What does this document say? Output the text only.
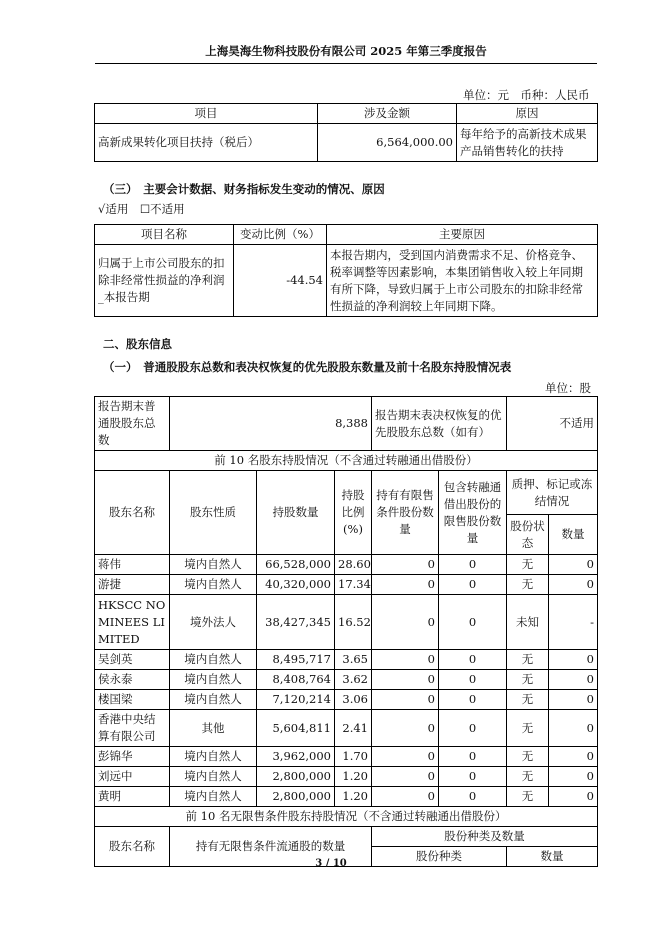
上海昊海生物科技股份有限公司 2025 年第三季度报告
单位：元　币种：人民币
项目	涉及金额	原因
高新成果转化项目扶持（税后）	6,564,000.00	每年给予的高新技术成果产品销售转化的扶持
（三）　主要会计数据、财务指标发生变动的情况、原因
√适用　☐不适用
项目名称	变动比例（%）	主要原因
归属于上市公司股东的扣除非经常性损益的净利润_本报告期	-44.54	本报告期内，受到国内消费需求不足、价格竞争、税率调整等因素影响，本集团销售收入较上年同期有所下降，导致归属于上市公司股东的扣除非经常性损益的净利润较上年同期下降。
二、股东信息
（一）　普通股股东总数和表决权恢复的优先股股东数量及前十名股东持股情况表
单位：股
报告期末普通股股东总数	8,388			报告期末表决权恢复的优先股股东总数（如有）		不适用	
前 10 名股东持股情况（不含通过转融通出借股份）							
股东名称	股东性质	持股数量	持股比例(%)	持有有限售条件股份数量	包含转融通借出股份的限售股份数量	质押、标记或冻结情况	
						股份状态	数量
蒋伟	境内自然人	66,528,000	28.60	0	0	无	0
游捷	境内自然人	40,320,000	17.34	0	0	无	0
HKSCC NOMINEES LIMITED	境外法人	38,427,345	16.52	0	0	未知	-
吴剑英	境内自然人	8,495,717	3.65	0	0	无	0
侯永泰	境内自然人	8,408,764	3.62	0	0	无	0
楼国梁	境内自然人	7,120,214	3.06	0	0	无	0
香港中央结算有限公司	其他	5,604,811	2.41	0	0	无	0
彭锦华	境内自然人	3,962,000	1.70	0	0	无	0
刘远中	境内自然人	2,800,000	1.20	0	0	无	0
黄明	境内自然人	2,800,000	1.20	0	0	无	0
前 10 名无限售条件股东持股情况（不含通过转融通出借股份）							
股东名称	持有无限售条件流通股的数量			股份种类及数量			
				股份种类		数量	
3 / 10
